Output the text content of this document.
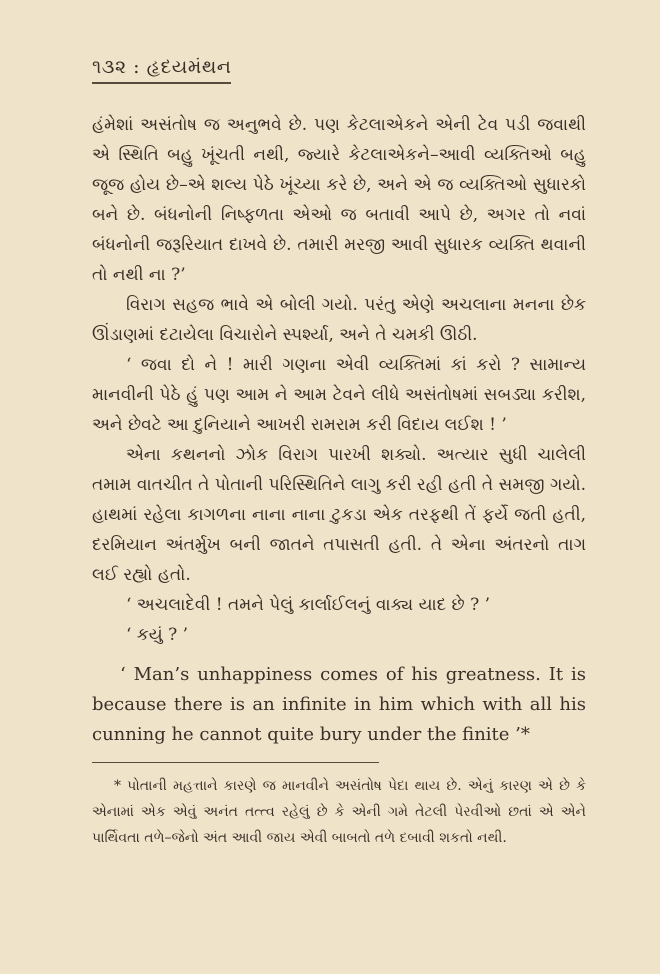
૧૩૨ : હૃદયમંથન

હંમેશાં અસંતોષ જ અનુભવે છે. પણ કેટલાએકને એની ટેવ પડી જવાથી એ સ્થિતિ બહુ ખૂંચતી નથી, જ્યારે કેટલાએકને–આવી વ્યક્તિઓ બહુ જૂજ હોય છે–એ શલ્ય પેઠે ખૂંચ્યા કરે છે, અને એ જ વ્યક્તિઓ સુધારકો બને છે. બંધનોની નિષ્ફળતા એઓ જ બતાવી આપે છે, અગર તો નવાં બંધનોની જરૂરિયાત દાખવે છે. તમારી મરજી આવી સુધારક વ્યક્તિ થવાની તો નથી ના ?’

વિરાગ સહજ ભાવે એ બોલી ગયો. પરંતુ એણે અચલાના મનના છેક ઊંડાણમાં દટાયેલા વિચારોને સ્પર્શ્યા, અને તે ચમકી ઊઠી.

‘ જવા દો ને ! મારી ગણના એવી વ્યક્તિમાં કાં કરો ? સામાન્ય માનવીની પેઠે હું પણ આમ ને આમ ટેવને લીધે અસંતોષમાં સબડ્યા કરીશ, અને છેવટે આ દુનિયાને આખરી રામરામ કરી વિદાય લઈશ ! ’

એના કથનનો ઝોક વિરાગ પારખી શક્યો. અત્યાર સુધી ચાલેલી તમામ વાતચીત તે પોતાની પરિસ્થિતિને લાગુ કરી રહી હતી તે સમજી ગયો. હાથમાં રહેલા કાગળના નાના નાના ટુકડા એક તરફથી તેં ફર્યે જતી હતી, દરમિયાન અંતર્મુખ બની જાતને તપાસતી હતી. તે એના અંતરનો તાગ લઈ રહ્યો હતો.

‘ અચલાદેવી ! તમને પેલું કાર્લાઈલનું વાક્ય યાદ છે ? ’

‘ કયું ? ’

‘ Man’s unhappiness comes of his greatness. It is because there is an infinite in him which with all his cunning he cannot quite bury under the finite ’*
* પોતાની મહત્તાને કારણે જ માનવીને અસંતોષ પેદા થાય છે. એનું કારણ એ છે કે એનામાં એક એવું અનંત તત્ત્વ રહેલું છે કે એની ગમે તેટલી પેરવીઓ છતાં એ એને પાર્થિવતા તળે–જેનો અંત આવી જાય એવી બાબતો તળે દબાવી શકતો નથી.
